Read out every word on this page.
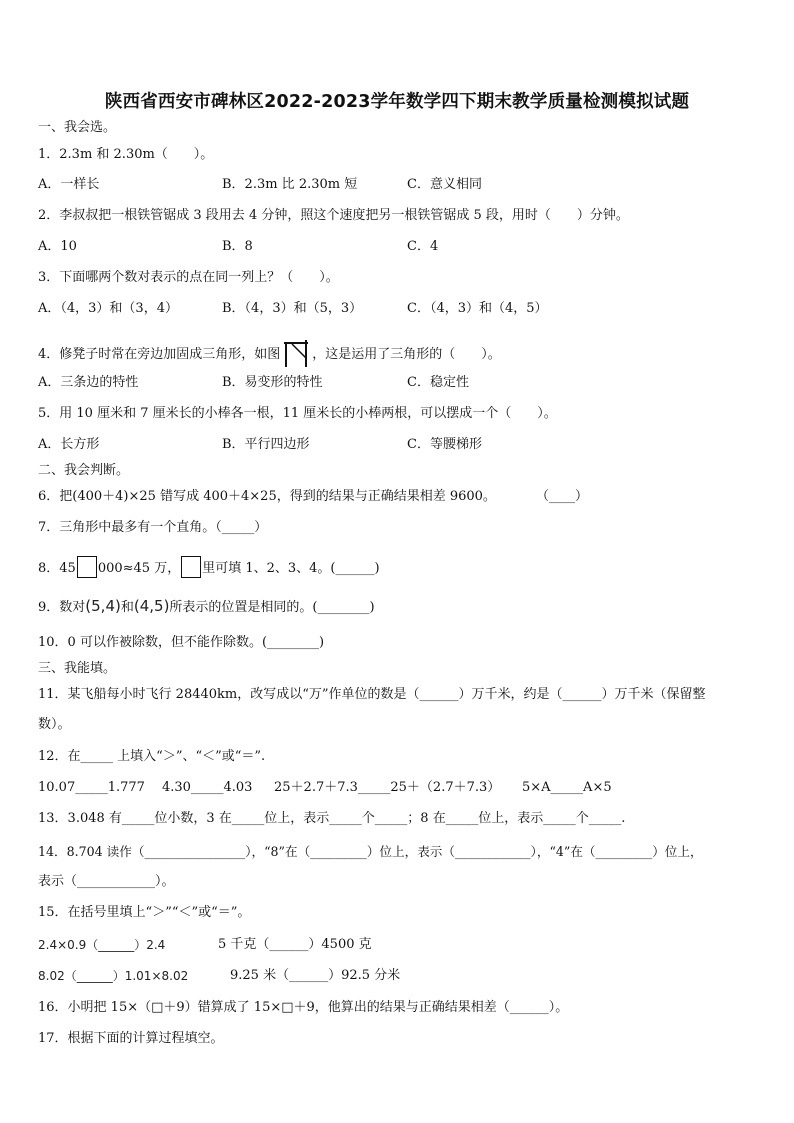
陕西省西安市碑林区2022-2023学年数学四下期末教学质量检测模拟试题
一、我会选。
1．2.3m 和 2.30m（　　）。
A．一样长	B．2.3m 比 2.30m 短	C．意义相同
2．李叔叔把一根铁管锯成 3 段用去 4 分钟，照这个速度把另一根铁管锯成 5 段，用时（　　）分钟。
A．10	B．8	C．4
3．下面哪两个数对表示的点在同一列上？（　　）。
A．（4，3）和（3，4）	B．（4，3）和（5，3）	C．（4，3）和（4，5）
4．修凳子时常在旁边加固成三角形，如图 ，这是运用了三角形的（　　）。
A．三条边的特性	B．易变形的特性	C．稳定性
5．用 10 厘米和 7 厘米长的小棒各一根，11 厘米长的小棒两根，可以摆成一个（　　）。
A．长方形	B．平行四边形	C．等腰梯形
二、我会判断。
6．把(400＋4)×25 错写成 400＋4×25，得到的结果与正确结果相差 9600。	（____）
7．三角形中最多有一个直角。（_____）
8．45 000≈45 万， 里可填 1、2、3、4。(______)
9．数对(5,4)和(4,5)所表示的位置是相同的。(________)
10．0 可以作被除数，但不能作除数。(________)
三、我能填。
11．某飞船每小时飞行 28440km，改写成以“万”作单位的数是（______）万千米，约是（______）万千米（保留整
数）。
12．在_____ 上填入“＞”、“＜”或“＝”.
10.07_____1.777 4.30_____4.03 25＋2.7＋7.3_____25＋（2.7＋7.3） 5×A_____A×5
13．3.048 有_____位小数，3 在_____位上，表示_____个_____；8 在_____位上，表示_____个_____.
14．8.704 读作（________________），“8”在（_________）位上，表示（____________），“4”在（_________）位上，
表示（____________）。
15．在括号里填上“＞”“＜”或“＝”。
2.4×0.9（______）2.4	5 千克（______）4500 克
8.02（______）1.01×8.02	9.25 米（______）92.5 分米
16．小明把 15×（□＋9）错算成了 15×□＋9，他算出的结果与正确结果相差（______）。
17．根据下面的计算过程填空。
